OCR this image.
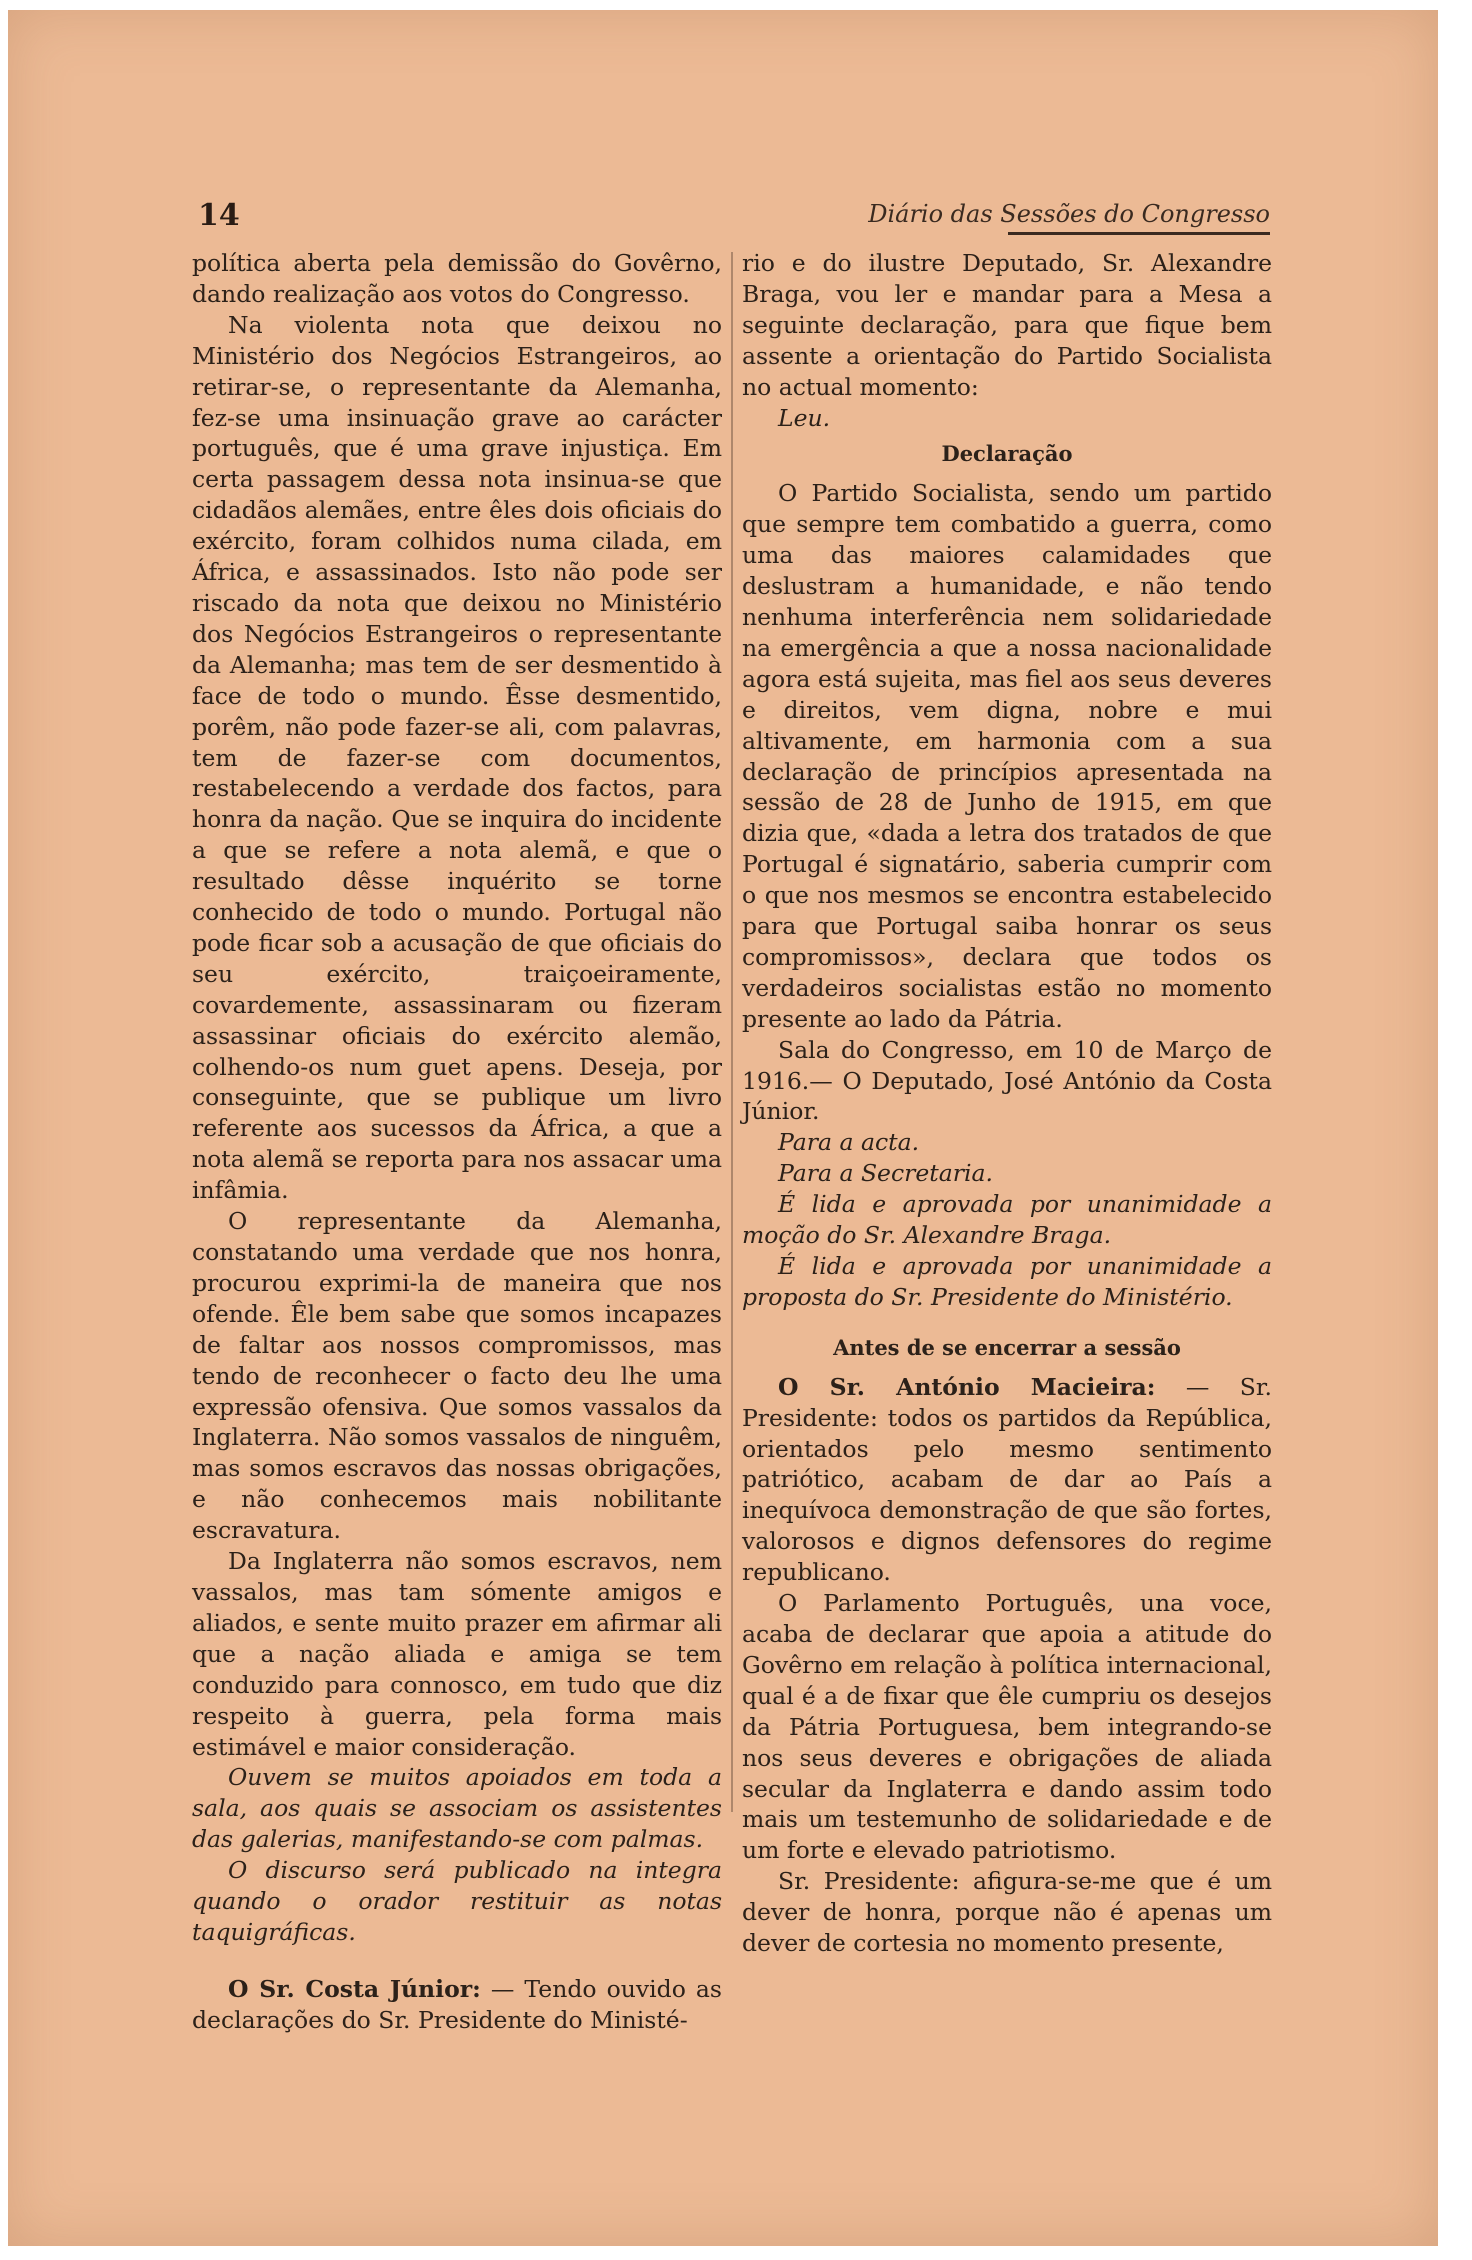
14	Diário das Sessões do Congresso

política aberta pela demissão do Govêrno, dando realização aos votos do Congresso.

Na violenta nota que deixou no Ministério dos Negócios Estrangeiros, ao retirar-se, o representante da Alemanha, fez-se uma insinuação grave ao carácter português, que é uma grave injustiça. Em certa passagem dessa nota insinua-se que cidadãos alemães, entre êles dois oficiais do exército, foram colhidos numa cilada, em África, e assassinados. Isto não pode ser riscado da nota que deixou no Ministério dos Negócios Estrangeiros o representante da Alemanha; mas tem de ser desmentido à face de todo o mundo. Êsse desmentido, porêm, não pode fazer-se ali, com palavras, tem de fazer-se com documentos, restabelecendo a verdade dos factos, para honra da nação. Que se inquira do incidente a que se refere a nota alemã, e que o resultado dêsse inquérito se torne conhecido de todo o mundo. Portugal não pode ficar sob a acusação de que oficiais do seu exército, traiçoeiramente, covardemente, assassinaram ou fizeram assassinar oficiais do exército alemão, colhendo-os num guet apens. Deseja, por conseguinte, que se publique um livro referente aos sucessos da África, a que a nota alemã se reporta para nos assacar uma infâmia.

O representante da Alemanha, constatando uma verdade que nos honra, procurou exprimi-la de maneira que nos ofende. Êle bem sabe que somos incapazes de faltar aos nossos compromissos, mas tendo de reconhecer o facto deu lhe uma expressão ofensiva. Que somos vassalos da Inglaterra. Não somos vassalos de ninguêm, mas somos escravos das nossas obrigações, e não conhecemos mais nobilitante escravatura.

Da Inglaterra não somos escravos, nem vassalos, mas tam sómente amigos e aliados, e sente muito prazer em afirmar ali que a nação aliada e amiga se tem conduzido para connosco, em tudo que diz respeito à guerra, pela forma mais estimável e maior consideração.

Ouvem se muitos apoiados em toda a sala, aos quais se associam os assistentes das galerias, manifestando-se com palmas.

O discurso será publicado na integra quando o orador restituir as notas taquigráficas.

O Sr. Costa Júnior: — Tendo ouvido as declarações do Sr. Presidente do Ministé-

rio e do ilustre Deputado, Sr. Alexandre Braga, vou ler e mandar para a Mesa a seguinte declaração, para que fique bem assente a orientação do Partido Socialista no actual momento:

Leu.

Declaração

O Partido Socialista, sendo um partido que sempre tem combatido a guerra, como uma das maiores calamidades que deslustram a humanidade, e não tendo nenhuma interferência nem solidariedade na emergência a que a nossa nacionalidade agora está sujeita, mas fiel aos seus deveres e direitos, vem digna, nobre e mui altivamente, em harmonia com a sua declaração de princípios apresentada na sessão de 28 de Junho de 1915, em que dizia que, «dada a letra dos tratados de que Portugal é signatário, saberia cumprir com o que nos mesmos se encontra estabelecido para que Portugal saiba honrar os seus compromissos», declara que todos os verdadeiros socialistas estão no momento presente ao lado da Pátria.

Sala do Congresso, em 10 de Março de 1916.— O Deputado, José António da Costa Júnior.

Para a acta.

Para a Secretaria.

É lida e aprovada por unanimidade a moção do Sr. Alexandre Braga.

É lida e aprovada por unanimidade a proposta do Sr. Presidente do Ministério.

Antes de se encerrar a sessão

O Sr. António Macieira: — Sr. Presidente: todos os partidos da República, orientados pelo mesmo sentimento patriótico, acabam de dar ao País a inequívoca demonstração de que são fortes, valorosos e dignos defensores do regime republicano.

O Parlamento Português, una voce, acaba de declarar que apoia a atitude do Govêrno em relação à política internacional, qual é a de fixar que êle cumpriu os desejos da Pátria Portuguesa, bem integrando-se nos seus deveres e obrigações de aliada secular da Inglaterra e dando assim todo mais um testemunho de solidariedade e de um forte e elevado patriotismo.

Sr. Presidente: afigura-se-me que é um dever de honra, porque não é apenas um dever de cortesia no momento presente,
